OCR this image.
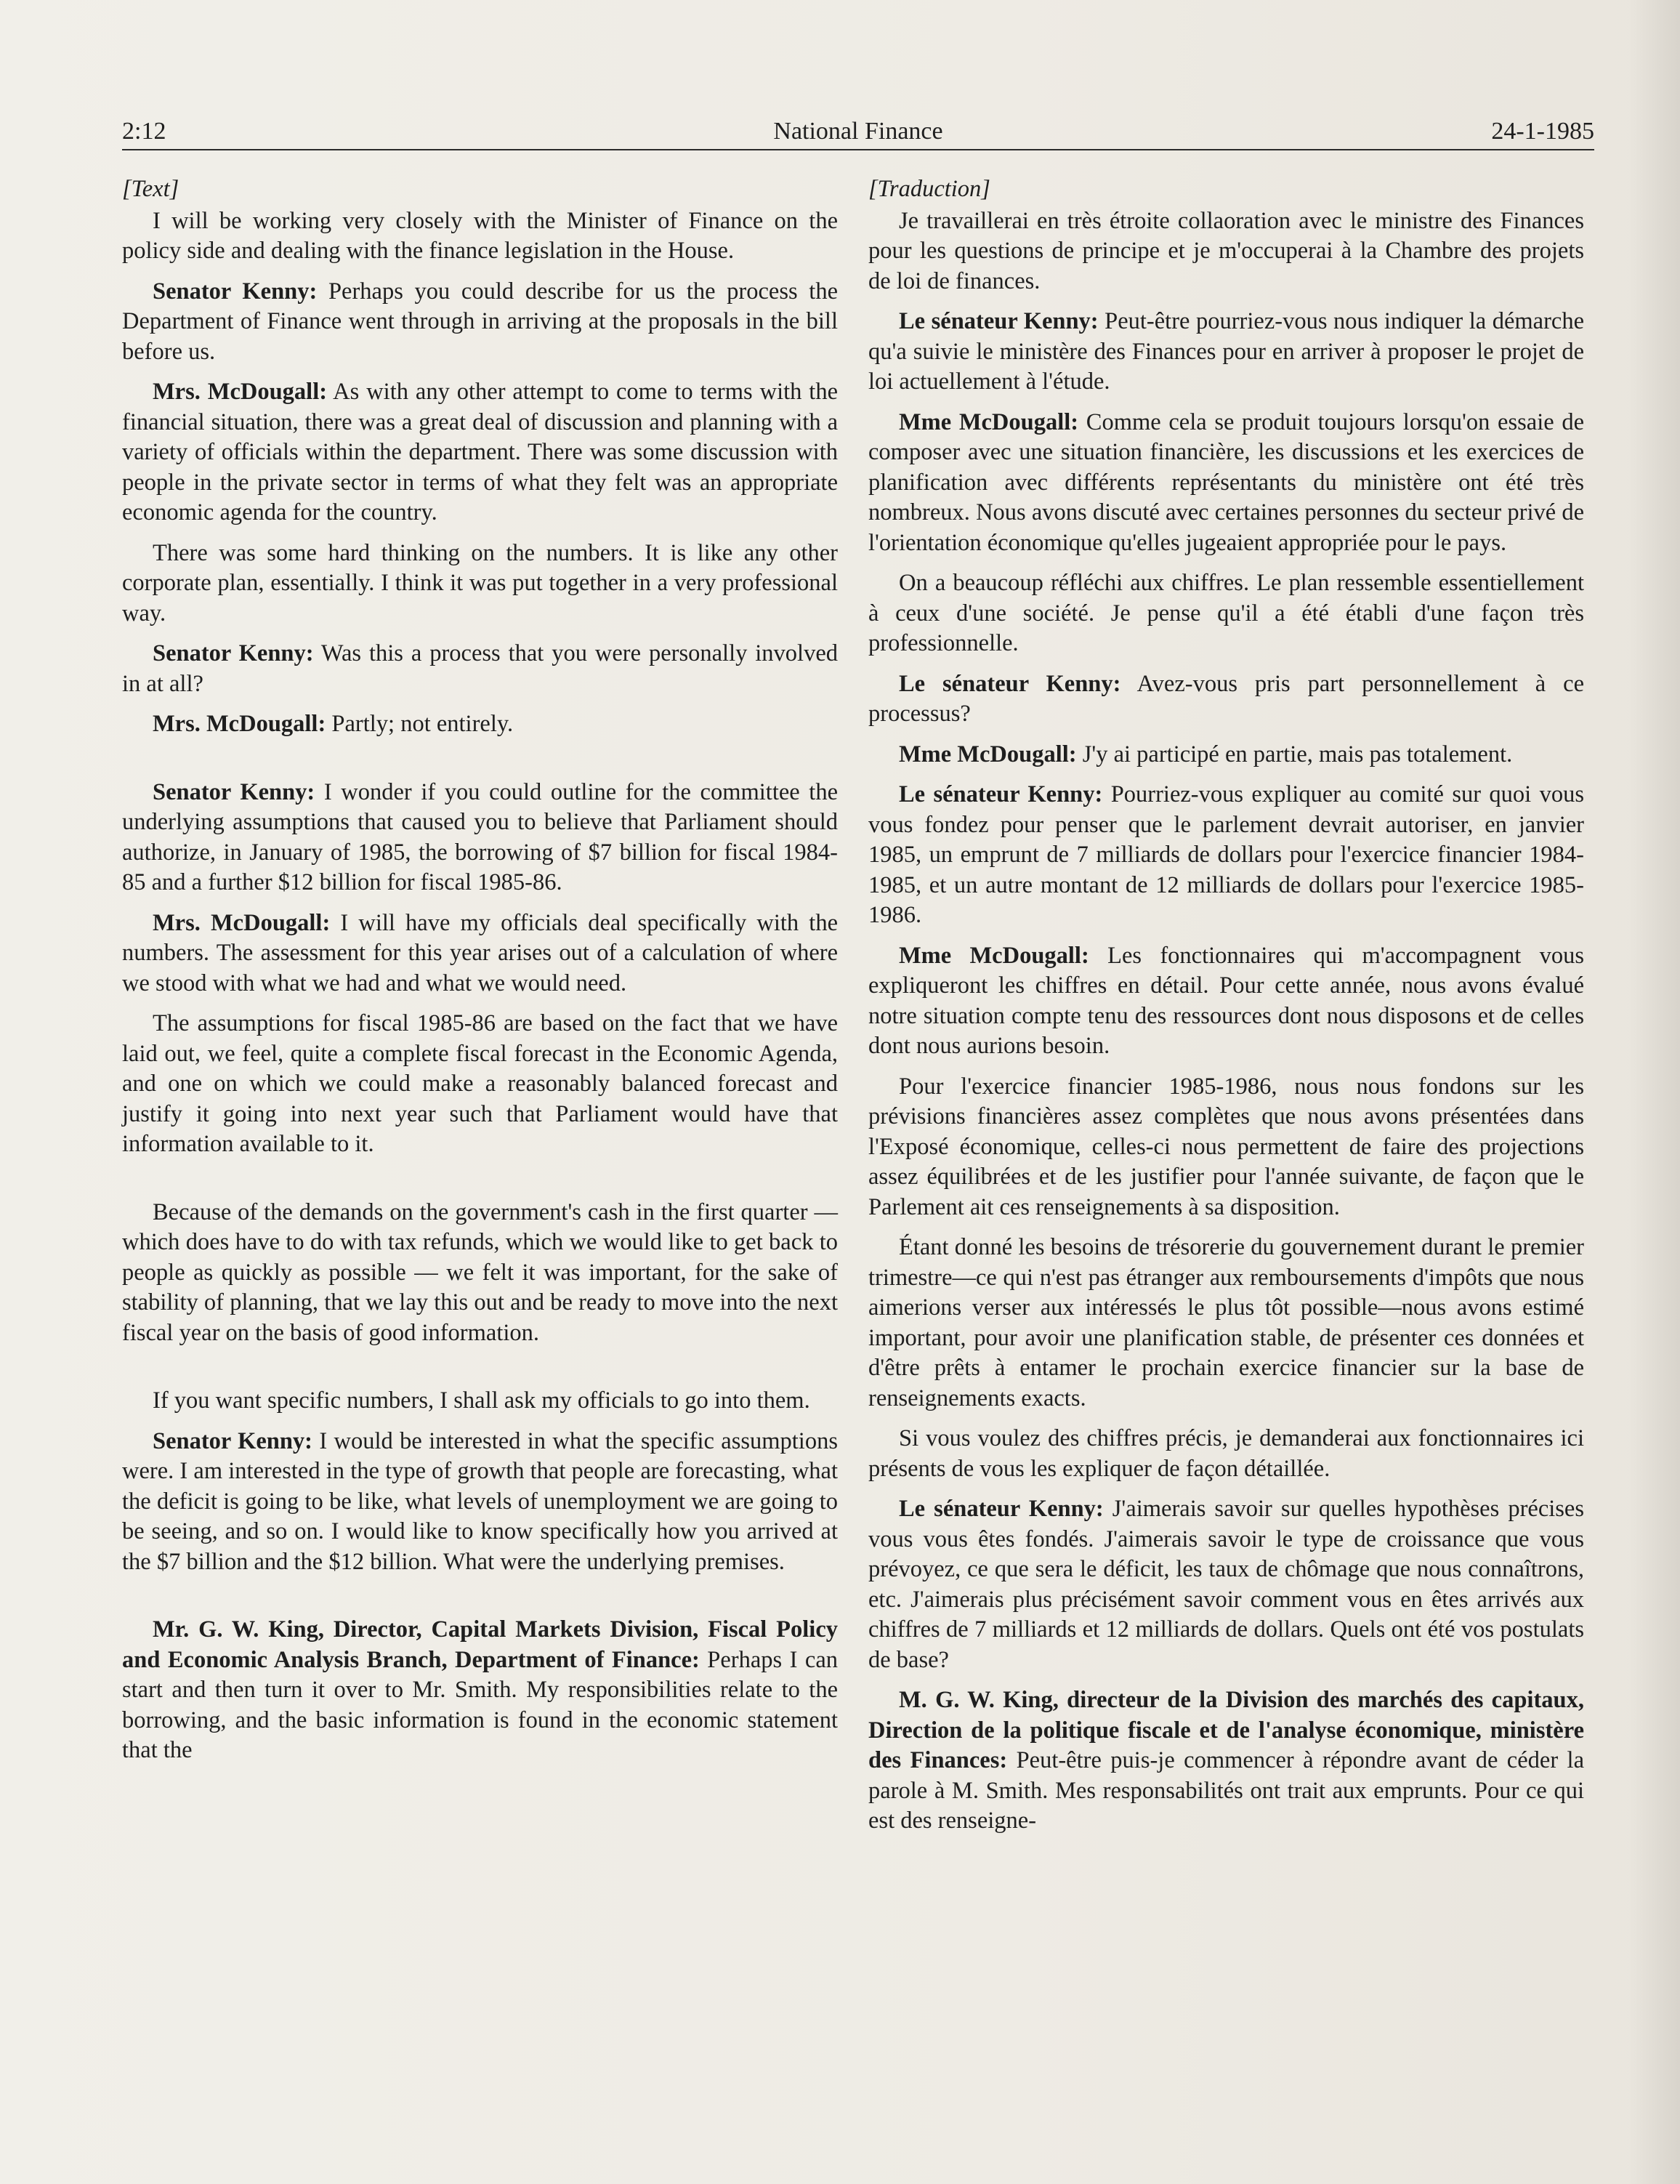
2:12	National Finance	24-1-1985

[Text]

I will be working very closely with the Minister of Finance on the policy side and dealing with the finance legislation in the House.

Senator Kenny: Perhaps you could describe for us the process the Department of Finance went through in arriving at the proposals in the bill before us.

Mrs. McDougall: As with any other attempt to come to terms with the financial situation, there was a great deal of discussion and planning with a variety of officials within the department. There was some discussion with people in the private sector in terms of what they felt was an appropriate economic agenda for the country.

There was some hard thinking on the numbers. It is like any other corporate plan, essentially. I think it was put together in a very professional way.

Senator Kenny: Was this a process that you were personally involved in at all?

Mrs. McDougall: Partly; not entirely.

Senator Kenny: I wonder if you could outline for the committee the underlying assumptions that caused you to believe that Parliament should authorize, in January of 1985, the borrowing of $7 billion for fiscal 1984-85 and a further $12 billion for fiscal 1985-86.

Mrs. McDougall: I will have my officials deal specifically with the numbers. The assessment for this year arises out of a calculation of where we stood with what we had and what we would need.

The assumptions for fiscal 1985-86 are based on the fact that we have laid out, we feel, quite a complete fiscal forecast in the Economic Agenda, and one on which we could make a reasonably balanced forecast and justify it going into next year such that Parliament would have that information available to it.

Because of the demands on the government's cash in the first quarter — which does have to do with tax refunds, which we would like to get back to people as quickly as possible — we felt it was important, for the sake of stability of planning, that we lay this out and be ready to move into the next fiscal year on the basis of good information.

If you want specific numbers, I shall ask my officials to go into them.

Senator Kenny: I would be interested in what the specific assumptions were. I am interested in the type of growth that people are forecasting, what the deficit is going to be like, what levels of unemployment we are going to be seeing, and so on. I would like to know specifically how you arrived at the $7 billion and the $12 billion. What were the underlying premises.

Mr. G. W. King, Director, Capital Markets Division, Fiscal Policy and Economic Analysis Branch, Department of Finance: Perhaps I can start and then turn it over to Mr. Smith. My responsibilities relate to the borrowing, and the basic information is found in the economic statement that the

[Traduction]

Je travaillerai en très étroite collaoration avec le ministre des Finances pour les questions de principe et je m'occuperai à la Chambre des projets de loi de finances.

Le sénateur Kenny: Peut-être pourriez-vous nous indiquer la démarche qu'a suivie le ministère des Finances pour en arriver à proposer le projet de loi actuellement à l'étude.

Mme McDougall: Comme cela se produit toujours lorsqu'on essaie de composer avec une situation financière, les discussions et les exercices de planification avec différents représentants du ministère ont été très nombreux. Nous avons discuté avec certaines personnes du secteur privé de l'orientation économique qu'elles jugeaient appropriée pour le pays.

On a beaucoup réfléchi aux chiffres. Le plan ressemble essentiellement à ceux d'une société. Je pense qu'il a été établi d'une façon très professionnelle.

Le sénateur Kenny: Avez-vous pris part personnellement à ce processus?

Mme McDougall: J'y ai participé en partie, mais pas totalement.

Le sénateur Kenny: Pourriez-vous expliquer au comité sur quoi vous vous fondez pour penser que le parlement devrait autoriser, en janvier 1985, un emprunt de 7 milliards de dollars pour l'exercice financier 1984-1985, et un autre montant de 12 milliards de dollars pour l'exercice 1985-1986.

Mme McDougall: Les fonctionnaires qui m'accompagnent vous expliqueront les chiffres en détail. Pour cette année, nous avons évalué notre situation compte tenu des ressources dont nous disposons et de celles dont nous aurions besoin.

Pour l'exercice financier 1985-1986, nous nous fondons sur les prévisions financières assez complètes que nous avons présentées dans l'Exposé économique, celles-ci nous permettent de faire des projections assez équilibrées et de les justifier pour l'année suivante, de façon que le Parlement ait ces renseignements à sa disposition.

Étant donné les besoins de trésorerie du gouvernement durant le premier trimestre—ce qui n'est pas étranger aux remboursements d'impôts que nous aimerions verser aux intéressés le plus tôt possible—nous avons estimé important, pour avoir une planification stable, de présenter ces données et d'être prêts à entamer le prochain exercice financier sur la base de renseignements exacts.

Si vous voulez des chiffres précis, je demanderai aux fonctionnaires ici présents de vous les expliquer de façon détaillée.

Le sénateur Kenny: J'aimerais savoir sur quelles hypothèses précises vous vous êtes fondés. J'aimerais savoir le type de croissance que vous prévoyez, ce que sera le déficit, les taux de chômage que nous connaîtrons, etc. J'aimerais plus précisément savoir comment vous en êtes arrivés aux chiffres de 7 milliards et 12 milliards de dollars. Quels ont été vos postulats de base?

M. G. W. King, directeur de la Division des marchés des capitaux, Direction de la politique fiscale et de l'analyse économique, ministère des Finances: Peut-être puis-je commencer à répondre avant de céder la parole à M. Smith. Mes responsabilités ont trait aux emprunts. Pour ce qui est des renseigne-
